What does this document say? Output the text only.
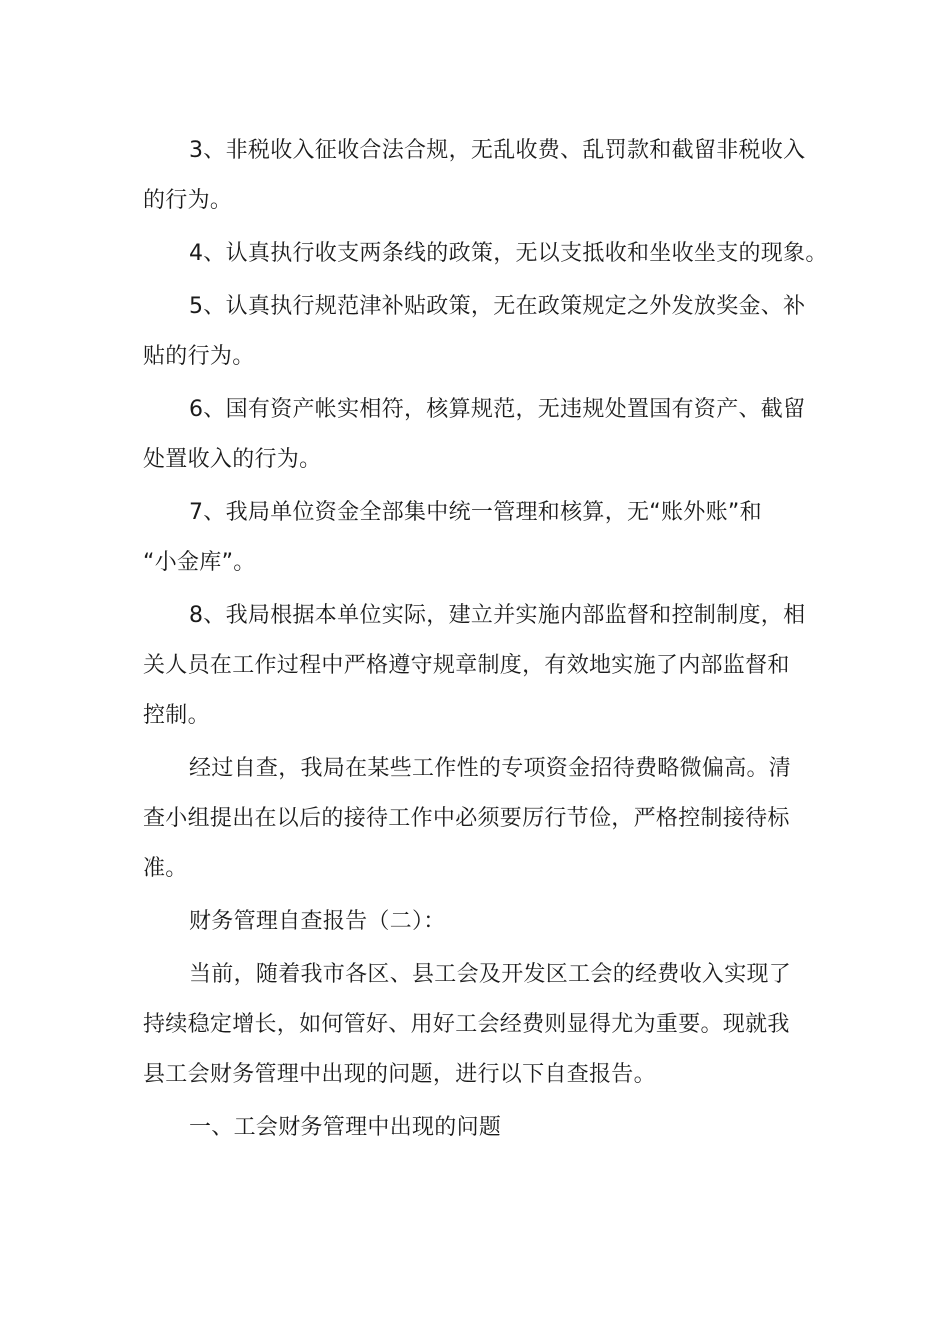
3、非税收入征收合法合规，无乱收费、乱罚款和截留非税收入
的行为。

4、认真执行收支两条线的政策，无以支抵收和坐收坐支的现象。

5、认真执行规范津补贴政策，无在政策规定之外发放奖金、补
贴的行为。

6、国有资产帐实相符，核算规范，无违规处置国有资产、截留
处置收入的行为。

7、我局单位资金全部集中统一管理和核算，无“账外账”和
“小金库”。

8、我局根据本单位实际，建立并实施内部监督和控制制度，相
关人员在工作过程中严格遵守规章制度，有效地实施了内部监督和
控制。

经过自查，我局在某些工作性的专项资金招待费略微偏高。清
查小组提出在以后的接待工作中必须要厉行节俭，严格控制接待标
准。

财务管理自查报告（二）：

当前，随着我市各区、县工会及开发区工会的经费收入实现了
持续稳定增长，如何管好、用好工会经费则显得尤为重要。现就我
县工会财务管理中出现的问题，进行以下自查报告。

一、工会财务管理中出现的问题
